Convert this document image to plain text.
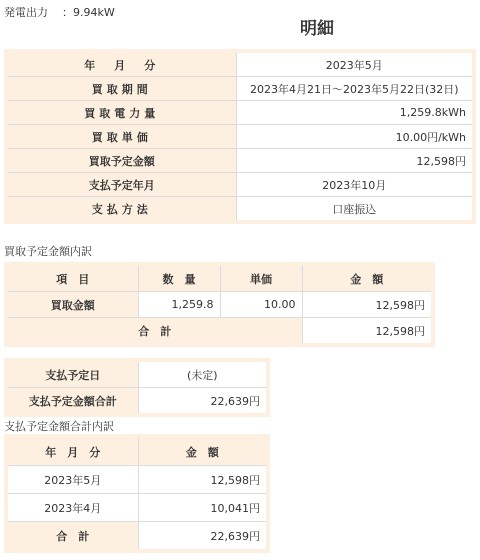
発電出力 ：9.94kW
明細
年　月　分	2023年5月
買取期間	2023年4月21日～2023年5月22日(32日)
買取電力量	1,259.8kWh
買取単価	10.00円/kWh
買取予定金額	12,598円
支払予定年月	2023年10月
支払方法	口座振込
買取予定金額内訳
項　目	数　量	単価	金　額
買取金額	1,259.8	10.00	12,598円
合　計			12,598円
支払予定日	(未定)
支払予定金額合計	22,639円
支払予定金額合計内訳
年　月　分	金　額
2023年5月	12,598円
2023年4月	10,041円
合　計	22,639円
